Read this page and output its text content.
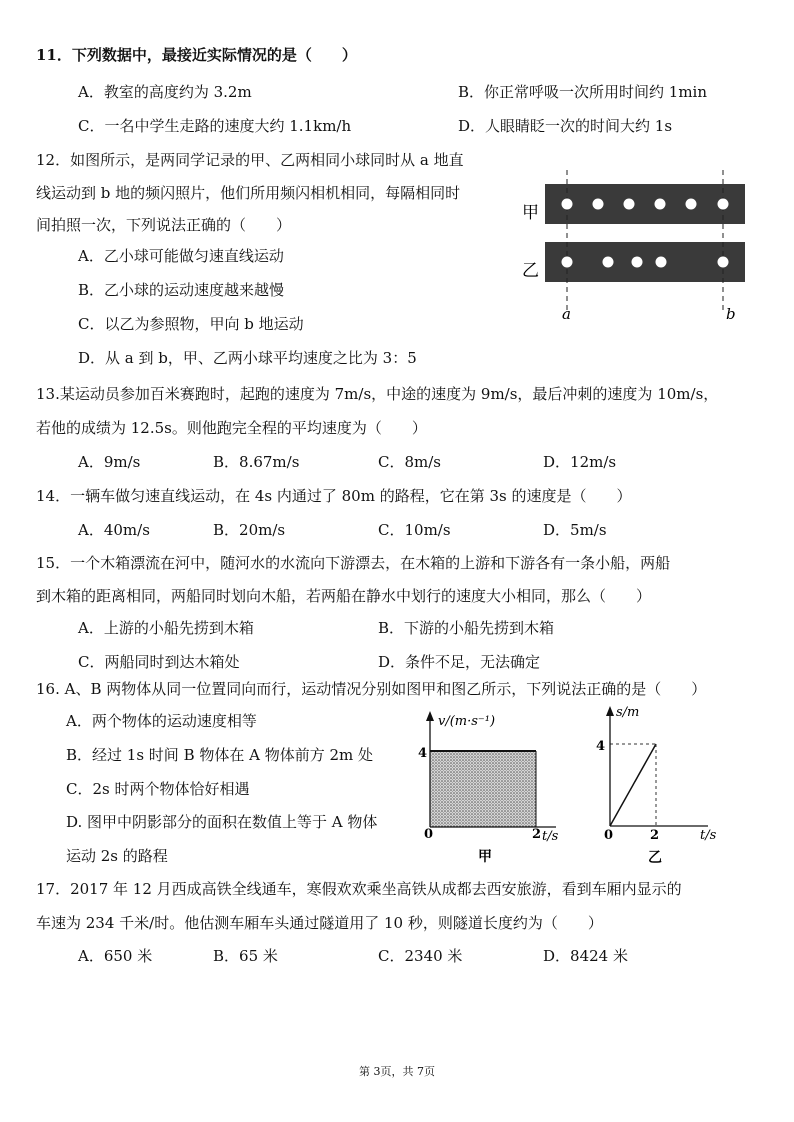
11．下列数据中，最接近实际情况的是（　　）
A．教室的高度约为 3.2m	B．你正常呼吸一次所用时间约 1min
C．一名中学生走路的速度大约 1.1km/h	D．人眼睛眨一次的时间大约 1s
12．如图所示，是两同学记录的甲、乙两相同小球同时从 a 地直
线运动到 b 地的频闪照片，他们所用频闪相机相同，每隔相同时
间拍照一次，下列说法正确的（　　）
A．乙小球可能做匀速直线运动
B．乙小球的运动速度越来越慢
C．以乙为参照物，甲向 b 地运动
D．从 a 到 b，甲、乙两小球平均速度之比为 3：5
甲
乙
a	b
13.某运动员参加百米赛跑时，起跑的速度为 7m/s，中途的速度为 9m/s，最后冲刺的速度为 10m/s，
若他的成绩为 12.5s。则他跑完全程的平均速度为（　　）
A．9m/s	B．8.67m/s	C．8m/s	D．12m/s
14．一辆车做匀速直线运动，在 4s 内通过了 80m 的路程，它在第 3s 的速度是（　　）
A．40m/s	B．20m/s	C．10m/s	D．5m/s
15．一个木箱漂流在河中，随河水的水流向下游漂去，在木箱的上游和下游各有一条小船，两船
到木箱的距离相同，两船同时划向木船，若两船在静水中划行的速度大小相同，那么（　　）
A．上游的小船先捞到木箱	B．下游的小船先捞到木箱
C．两船同时到达木箱处	D．条件不足，无法确定
16. A、B 两物体从同一位置同向而行，运动情况分别如图甲和图乙所示，下列说法正确的是（　　）
A．两个物体的运动速度相等
B．经过 1s 时间 B 物体在 A 物体前方 2m 处
C．2s 时两个物体恰好相遇
D. 图甲中阴影部分的面积在数值上等于 A 物体
运动 2s 的路程
v/(m·s⁻¹)
4
0	2 t/s
甲
s/m
4
0	2	t/s
乙
17．2017 年 12 月西成高铁全线通车，寒假欢欢乘坐高铁从成都去西安旅游，看到车厢内显示的
车速为 234 千米/时。他估测车厢车头通过隧道用了 10 秒，则隧道长度约为（　　）
A．650 米	B．65 米	C．2340 米	D．8424 米
第 3页，共 7页
